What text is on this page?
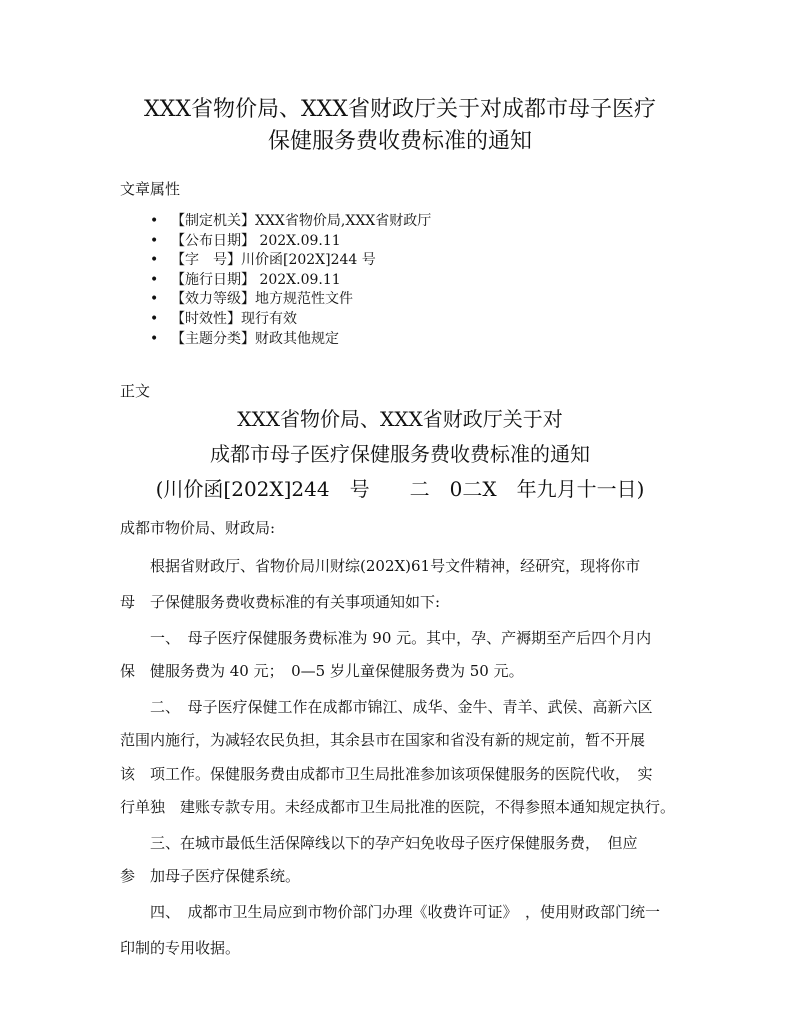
XXX省物价局、XXX省财政厅关于对成都市母子医疗
保健服务费收费标准的通知
文章属性
• 【制定机关】XXX省物价局,XXX省财政厅
• 【公布日期】 202X.09.11
• 【字　号】川价函[202X]244 号
• 【施行日期】 202X.09.11
• 【效力等级】地方规范性文件
• 【时效性】现行有效
• 【主题分类】财政其他规定
正文
XXX省物价局、XXX省财政厅关于对
成都市母子医疗保健服务费收费标准的通知
(川价函[202X]244　号　　二　0二X　年九月十一日)
成都市物价局、财政局:
根据省财政厅、省物价局川财综(202X)61号文件精神，经研究，现将你市
母　子保健服务费收费标准的有关事项通知如下:
一、　母子医疗保健服务费标准为 90 元。其中，孕、产褥期至产后四个月内
保　健服务费为 40 元；　0—5 岁儿童保健服务费为 50 元。
二、　母子医疗保健工作在成都市锦江、成华、金牛、青羊、武侯、高新六区
范围内施行，为减轻农民负担，其余县市在国家和省没有新的规定前，暂不开展
该　项工作。保健服务费由成都市卫生局批准参加该项保健服务的医院代收，　实
行单独　建账专款专用。未经成都市卫生局批准的医院，不得参照本通知规定执行。
三、在城市最低生活保障线以下的孕产妇免收母子医疗保健服务费，　但应
参　加母子医疗保健系统。
四、　成都市卫生局应到市物价部门办理《收费许可证》　，使用财政部门统一
印制的专用收据。
